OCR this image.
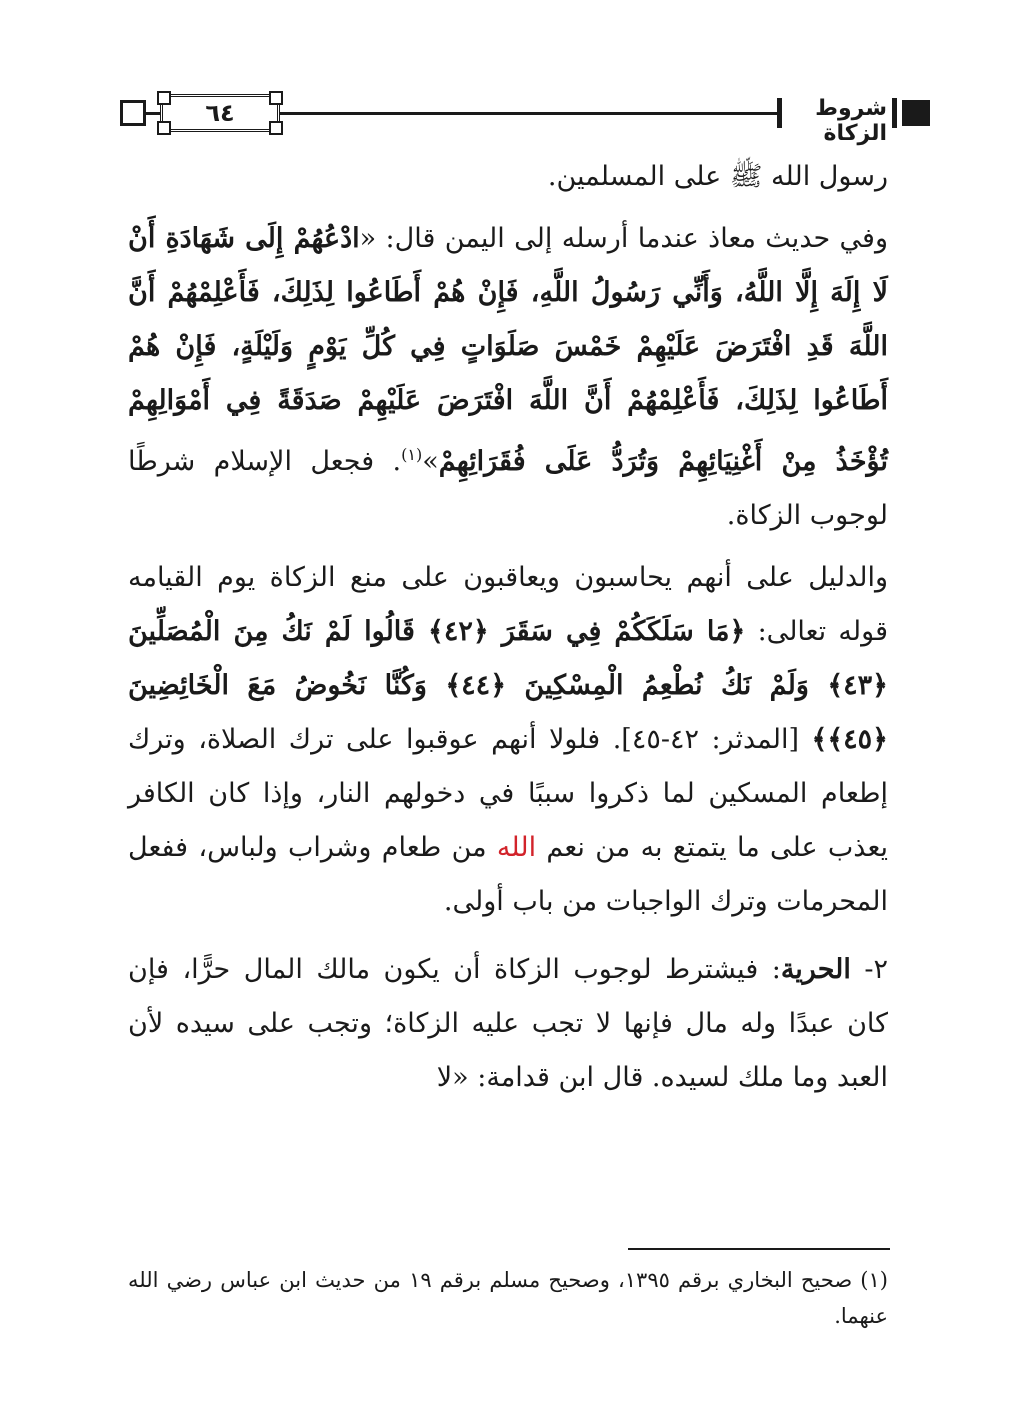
٦٤	شروط الزكاة

رسول الله ﷺ على المسلمين.

وفي حديث معاذ عندما أرسله إلى اليمن قال: «ادْعُهُمْ إِلَى شَهَادَةِ أَنْ لَا إِلَهَ إِلَّا اللَّهُ، وَأَنِّي رَسُولُ اللَّهِ، فَإِنْ هُمْ أَطَاعُوا لِذَلِكَ، فَأَعْلِمْهُمْ أَنَّ اللَّهَ قَدِ افْتَرَضَ عَلَيْهِمْ خَمْسَ صَلَوَاتٍ فِي كُلِّ يَوْمٍ وَلَيْلَةٍ، فَإِنْ هُمْ أَطَاعُوا لِذَلِكَ، فَأَعْلِمْهُمْ أَنَّ اللَّهَ افْتَرَضَ عَلَيْهِمْ صَدَقَةً فِي أَمْوَالِهِمْ تُؤْخَذُ مِنْ أَغْنِيَائِهِمْ وَتُرَدُّ عَلَى فُقَرَائِهِمْ»$^{(١)}$. فجعل الإسلام شرطًا لوجوب الزكاة.

والدليل على أنهم يحاسبون ويعاقبون على منع الزكاة يوم القيامه قوله تعالى: ﴿مَا سَلَكَكُمْ فِي سَقَرَ ﴿٤٢﴾ قَالُوا لَمْ نَكُ مِنَ الْمُصَلِّينَ ﴿٤٣﴾ وَلَمْ نَكُ نُطْعِمُ الْمِسْكِينَ ﴿٤٤﴾ وَكُنَّا نَخُوضُ مَعَ الْخَائِضِينَ ﴿٤٥﴾﴾ [المدثر: ٤٢-٤٥]. فلولا أنهم عوقبوا على ترك الصلاة، وترك إطعام المسكين لما ذكروا سببًا في دخولهم النار، وإذا كان الكافر يعذب على ما يتمتع به من نعم الله من طعام وشراب ولباس، ففعل المحرمات وترك الواجبات من باب أولى.

٢- الحرية: فيشترط لوجوب الزكاة أن يكون مالك المال حرًّا، فإن كان عبدًا وله مال فإنها لا تجب عليه الزكاة؛ وتجب على سيده لأن العبد وما ملك لسيده. قال ابن قدامة: «لا

(١) صحيح البخاري برقم ١٣٩٥، وصحيح مسلم برقم ١٩ من حديث ابن عباس رضي الله عنهما.
